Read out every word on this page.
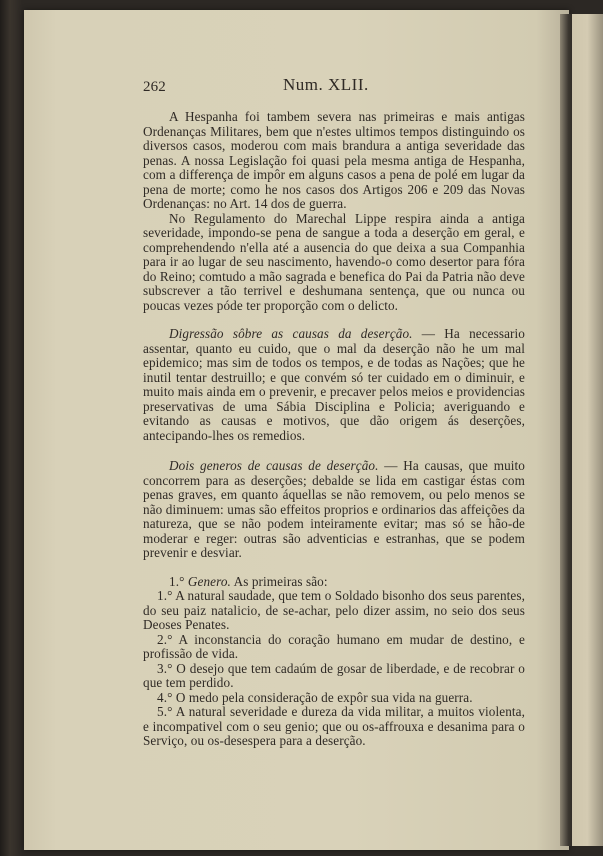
262	Num. XLII.

A Hespanha foi tambem severa nas primeiras e mais antigas Ordenanças Militares, bem que n'estes ultimos tempos distinguindo os diversos casos, moderou com mais brandura a antiga severidade das penas. A nossa Legislação foi quasi pela mesma antiga de Hespanha, com a differença de impôr em alguns casos a pena de polé em lugar da pena de morte; como he nos casos dos Artigos 206 e 209 das Novas Ordenanças: no Art. 14 dos de guerra.

No Regulamento do Marechal Lippe respira ainda a antiga severidade, impondo-se pena de sangue a toda a deserção em geral, e comprehendendo n'ella até a ausencia do que deixa a sua Companhia para ir ao lugar de seu nascimento, havendo-o como desertor para fóra do Reino; comtudo a mão sagrada e benefica do Pai da Patria não deve subscrever a tão terrivel e deshumana sentença, que ou nunca ou poucas vezes póde ter proporção com o delicto.

Digressão sôbre as causas da deserção. — Ha necessario assentar, quanto eu cuido, que o mal da deserção não he um mal epidemico; mas sim de todos os tempos, e de todas as Nações; que he inutil tentar destruillo; e que convém só ter cuidado em o diminuir, e muito mais ainda em o prevenir, e precaver pelos meios e providencias preservativas de uma Sábia Disciplina e Policia; averiguando e evitando as causas e motivos, que dão origem ás deserções, antecipando-lhes os remedios.

Dois generos de causas de deserção. — Ha causas, que muito concorrem para as deserções; debalde se lida em castigar éstas com penas graves, em quanto áquellas se não removem, ou pelo menos se não diminuem: umas são effeitos proprios e ordinarios das affeições da natureza, que se não podem inteiramente evitar; mas só se hão-de moderar e reger: outras são adventicias e estranhas, que se podem prevenir e desviar.

1.° Genero. As primeiras são:
1.° A natural saudade, que tem o Soldado bisonho dos seus parentes, do seu paiz natalicio, de se-achar, pelo dizer assim, no seio dos seus Deoses Penates.
2.° A inconstancia do coração humano em mudar de destino, e profissão de vida.
3.° O desejo que tem cadaúm de gosar de liberdade, e de recobrar o que tem perdido.
4.° O medo pela consideração de expôr sua vida na guerra.
5.° A natural severidade e dureza da vida militar, a muitos violenta, e incompativel com o seu genio; que ou os-affrouxa e desanima para o Serviço, ou os-desespera para a deserção.
